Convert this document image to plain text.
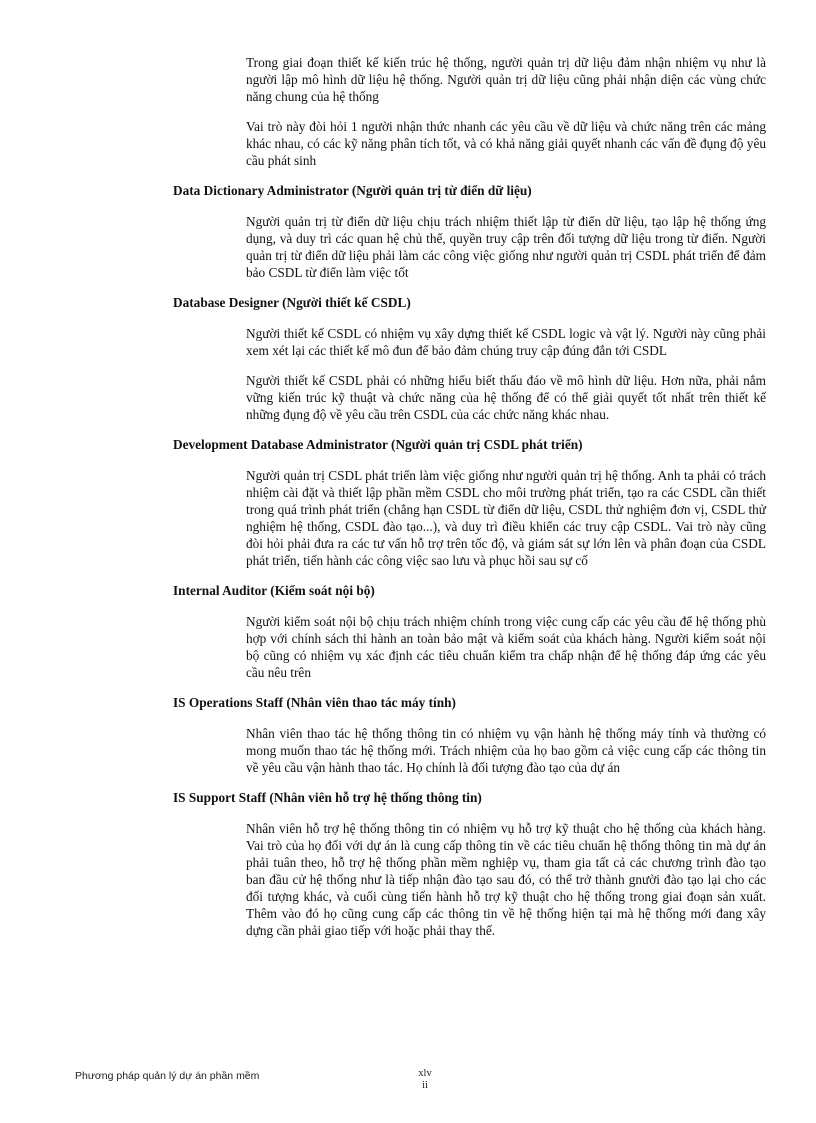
Trong giai đoạn thiết kế kiến trúc hệ thống, người quản trị dữ liệu đảm nhận nhiệm vụ như là người lập mô hình dữ liệu hệ thống. Người quản trị dữ liệu cũng phải nhận diện các vùng chức năng chung của hệ thống

Vai trò này đòi hỏi 1 người nhận thức nhanh các yêu cầu về dữ liệu và chức năng trên các mảng khác nhau, có các kỹ năng phân tích tốt, và có khả năng giải quyết nhanh các vấn đề đụng độ yêu cầu phát sinh

Data Dictionary Administrator (Người quản trị từ điển dữ liệu)

Người quản trị từ điển dữ liệu chịu trách nhiệm thiết lập từ điển dữ liệu, tạo lập hệ thống ứng dụng, và duy trì các quan hệ chủ thể, quyền truy cập trên đối tượng dữ liệu trong từ điển. Người quản trị từ điển dữ liệu phải làm các công việc giống như người quản trị CSDL phát triển để đảm bảo CSDL từ điển làm việc tốt

Database Designer (Người thiết kế CSDL)

Người thiết kế CSDL có nhiệm vụ xây dựng thiết kế CSDL logic và vật lý. Người này cũng phải xem xét lại các thiết kế mô đun để bảo đảm chúng truy cập đúng đắn tới CSDL

Người thiết kế CSDL phải có những hiểu biết thấu đáo về mô hình dữ liệu. Hơn nữa, phải nắm vững kiến trúc kỹ thuật và chức năng của hệ thống để có thể giải quyết tốt nhất trên thiết kế những đụng độ về yêu cầu trên CSDL của các chức năng khác nhau.

Development Database Administrator (Người quản trị CSDL phát triển)

Người quản trị CSDL phát triển làm việc giống như người quản trị hệ thống. Anh ta phải có trách nhiệm cài đặt và thiết lập phần mềm CSDL cho môi trường phát triển, tạo ra các CSDL cần thiết trong quá trình phát triển (chẳng hạn CSDL từ điển dữ liệu, CSDL thử nghiệm đơn vị, CSDL thử nghiệm hệ thống, CSDL đào tạo...), và duy trì điều khiển các truy cập CSDL. Vai trò này cũng đòi hỏi phải đưa ra các tư vấn hỗ trợ trên tốc độ, và giám sát sự lớn lên và phân đoạn của CSDL phát triển, tiến hành các công việc sao lưu và phục hồi sau sự cố

Internal Auditor (Kiểm soát nội bộ)

Người kiểm soát nội bộ chịu trách nhiệm chính trong việc cung cấp các yêu cầu để hệ thống phù hợp với chính sách thi hành an toàn bảo mật và kiểm soát của khách hàng. Người kiểm soát nội bộ cũng có nhiệm vụ xác định các tiêu chuẩn kiểm tra chấp nhận để hệ thống đáp ứng các yêu cầu nêu trên

IS Operations Staff (Nhân viên thao tác máy tính)

Nhân viên thao tác hệ thống thông tin có nhiệm vụ vận hành hệ thống máy tính và thường có mong muốn thao tác hệ thống mới. Trách nhiệm của họ bao gồm cả việc cung cấp các thông tin về yêu cầu vận hành thao tác. Họ chính là đối tượng đào tạo của dự án

IS Support Staff (Nhân viên hỗ trợ hệ thống thông tin)

Nhân viên hỗ trợ hệ thống thông tin có nhiệm vụ hỗ trợ kỹ thuật cho hệ thống của khách hàng. Vai trò của họ đối với dự án là cung cấp thông tin về các tiêu chuẩn hệ thống thông tin mà dự án phải tuân theo, hỗ trợ hệ thống phần mềm nghiệp vụ, tham gia tất cả các chương trình đào tạo ban đầu cử hệ thống như là tiếp nhận đào tạo sau đó, có thể trở thành gnười đào tạo lại cho các đối tượng khác, và cuối cùng tiến hành hỗ trợ kỹ thuật cho hệ thống trong giai đoạn sản xuất. Thêm vào đó họ cũng cung cấp các thông tin về hệ thống hiện tại mà hệ thống mới đang xây dựng cần phải giao tiếp với hoặc phải thay thế.

Phương pháp quản lý dự án phần mềm	xlv
ii
